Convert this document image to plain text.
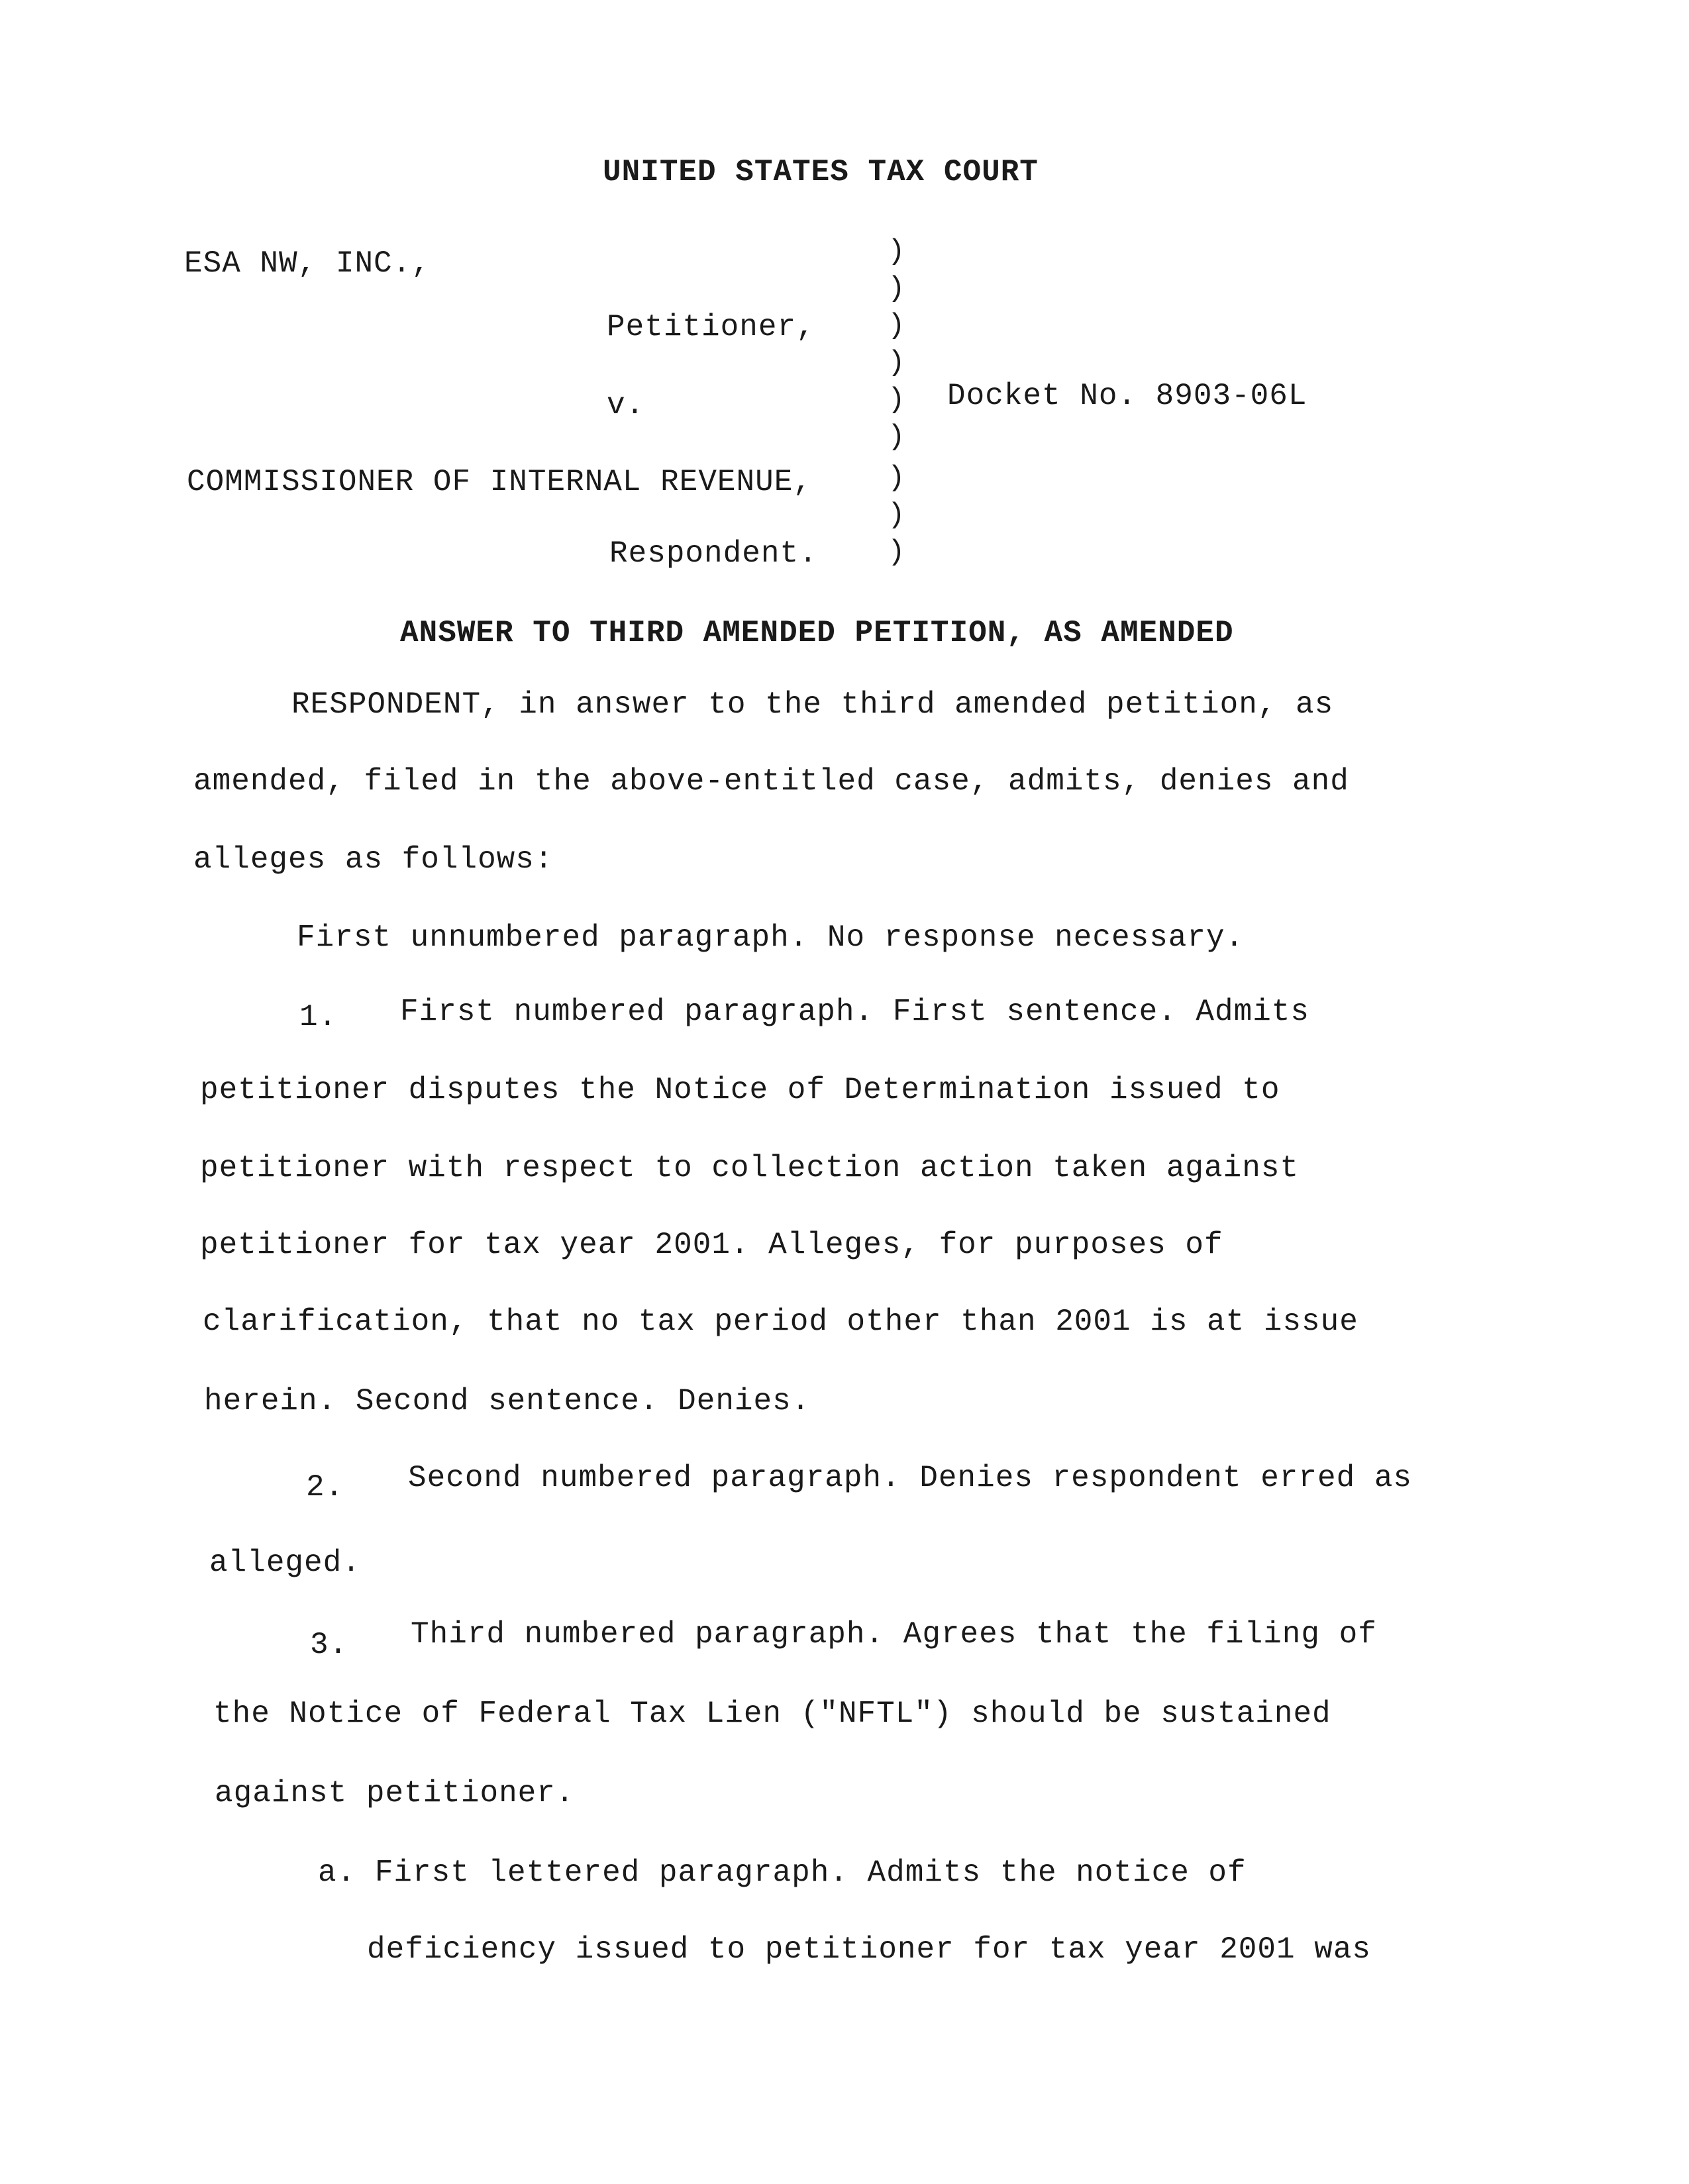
UNITED STATES TAX COURT
ESA NW, INC.,
Petitioner,
v.	Docket No. 8903-06L
COMMISSIONER OF INTERNAL REVENUE,
Respondent.
)
)
)
)
)
)
)
)
)
ANSWER TO THIRD AMENDED PETITION, AS AMENDED
RESPONDENT, in answer to the third amended petition, as
amended, filed in the above-entitled case, admits, denies and
alleges as follows:
First unnumbered paragraph. No response necessary.
1. First numbered paragraph. First sentence. Admits
petitioner disputes the Notice of Determination issued to
petitioner with respect to collection action taken against
petitioner for tax year 2001. Alleges, for purposes of
clarification, that no tax period other than 2001 is at issue
herein. Second sentence. Denies.
2. Second numbered paragraph. Denies respondent erred as
alleged.
3. Third numbered paragraph. Agrees that the filing of
the Notice of Federal Tax Lien ("NFTL") should be sustained
against petitioner.
a. First lettered paragraph. Admits the notice of
deficiency issued to petitioner for tax year 2001 was
